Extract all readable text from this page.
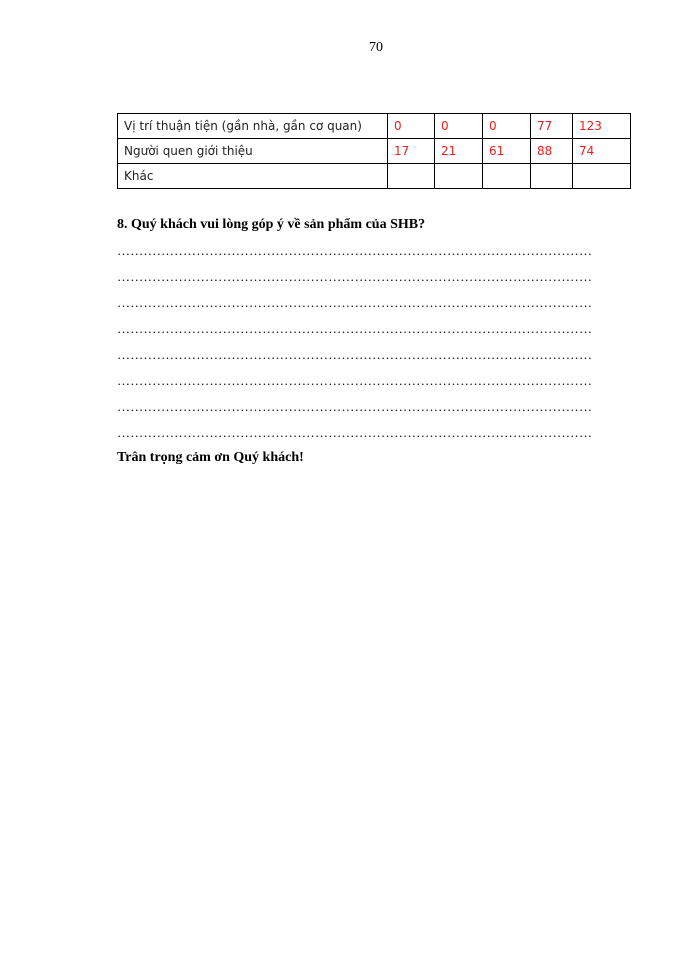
70
Vị trí thuận tiện (gần nhà, gần cơ quan)	0	0	0	77	123
Người quen giới thiệu	17	21	61	88	74
Khác					
8. Quý khách vui lòng góp ý về sản phẩm của SHB?
………………………………………………………………………………………………
………………………………………………………………………………………………
………………………………………………………………………………………………
………………………………………………………………………………………………
………………………………………………………………………………………………
………………………………………………………………………………………………
………………………………………………………………………………………………
………………………………………………………………………………………………
Trân trọng cảm ơn Quý khách!
